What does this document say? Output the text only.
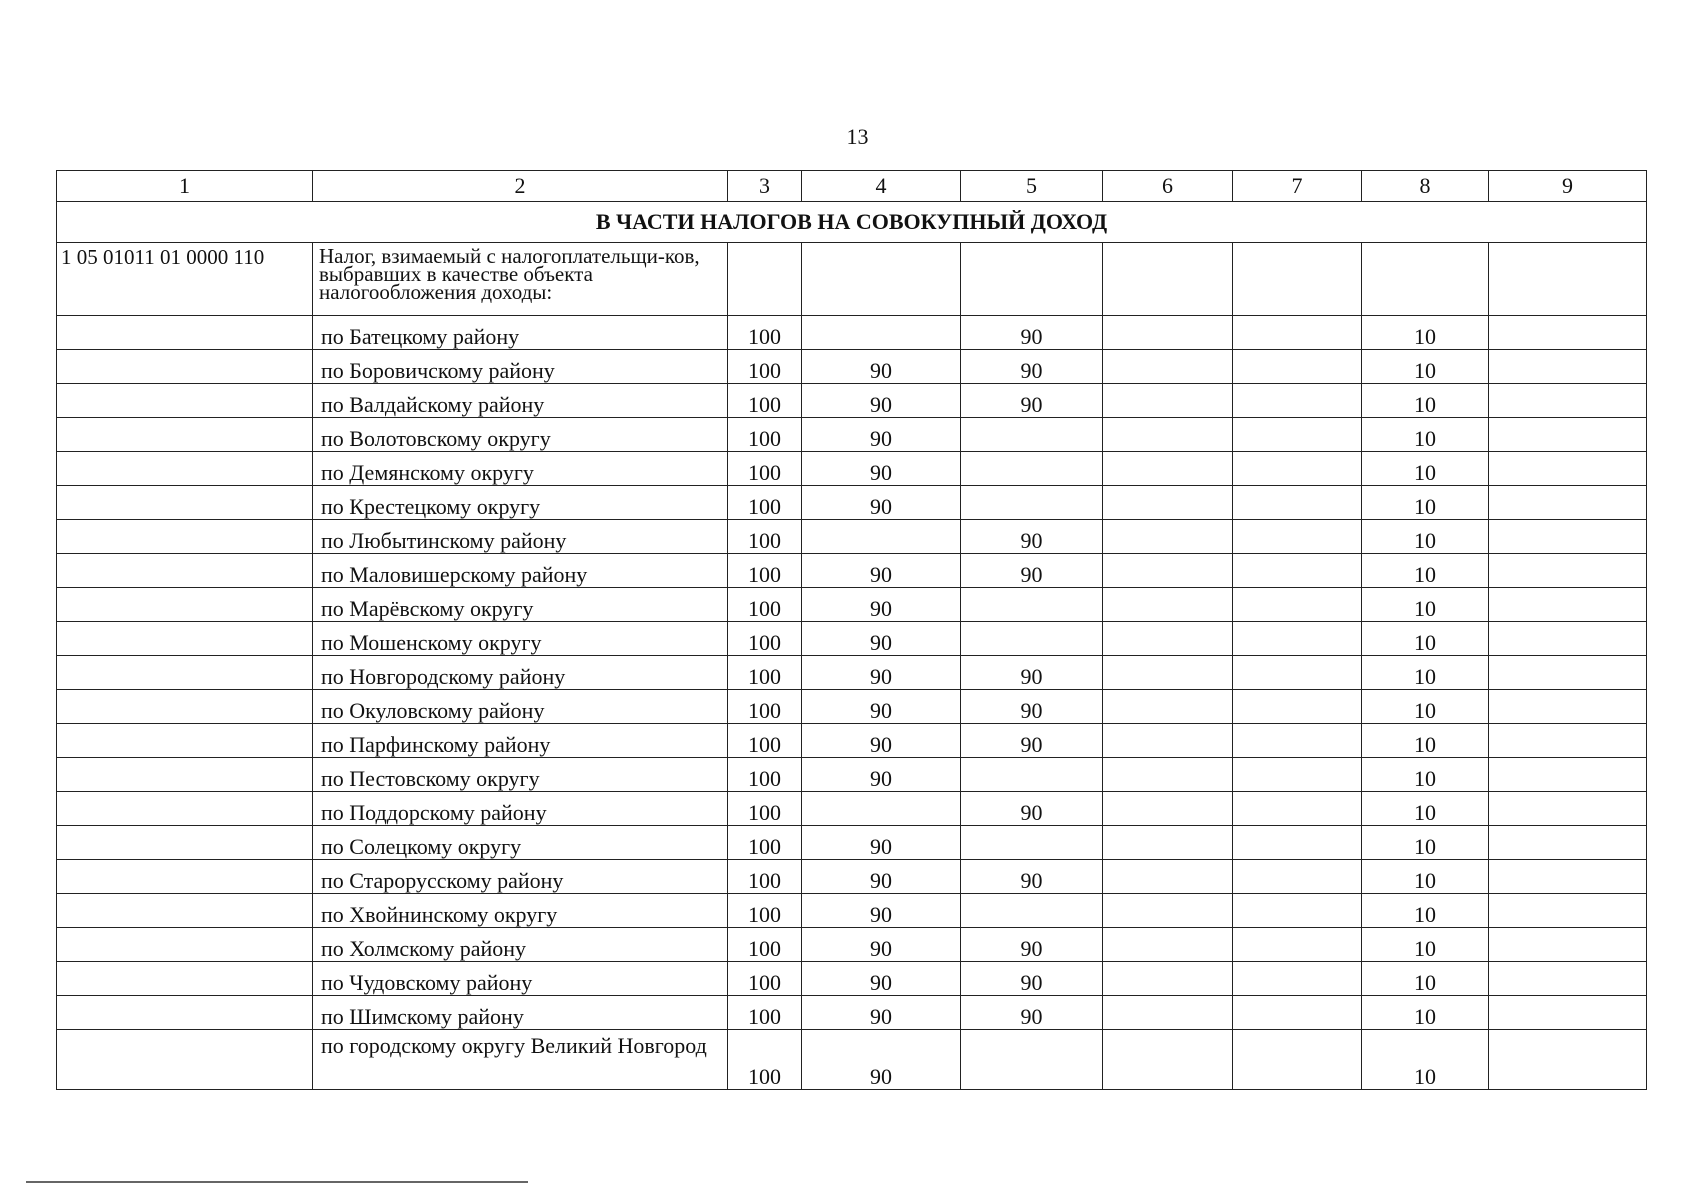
13
1	2	3	4	5	6	7	8	9
В ЧАСТИ НАЛОГОВ НА СОВОКУПНЫЙ ДОХОД								
1 05 01011 01 0000 110	Налог, взимаемый с налогоплательщи-ков, выбравших в качестве объекта налогообложения доходы:							
	по Батецкому району	100		90			10	
	по Боровичскому району	100	90	90			10	
	по Валдайскому району	100	90	90			10	
	по Волотовскому округу	100	90				10	
	по Демянскому округу	100	90				10	
	по Крестецкому округу	100	90				10	
	по Любытинскому району	100		90			10	
	по Маловишерскому району	100	90	90			10	
	по Марёвскому округу	100	90				10	
	по Мошенскому округу	100	90				10	
	по Новгородскому району	100	90	90			10	
	по Окуловскому району	100	90	90			10	
	по Парфинскому району	100	90	90			10	
	по Пестовскому округу	100	90				10	
	по Поддорскому району	100		90			10	
	по Солецкому округу	100	90				10	
	по Старорусскому району	100	90	90			10	
	по Хвойнинскому округу	100	90				10	
	по Холмскому району	100	90	90			10	
	по Чудовскому району	100	90	90			10	
	по Шимскому району	100	90	90			10	
	по городскому округу Великий Новгород	100	90				10	
